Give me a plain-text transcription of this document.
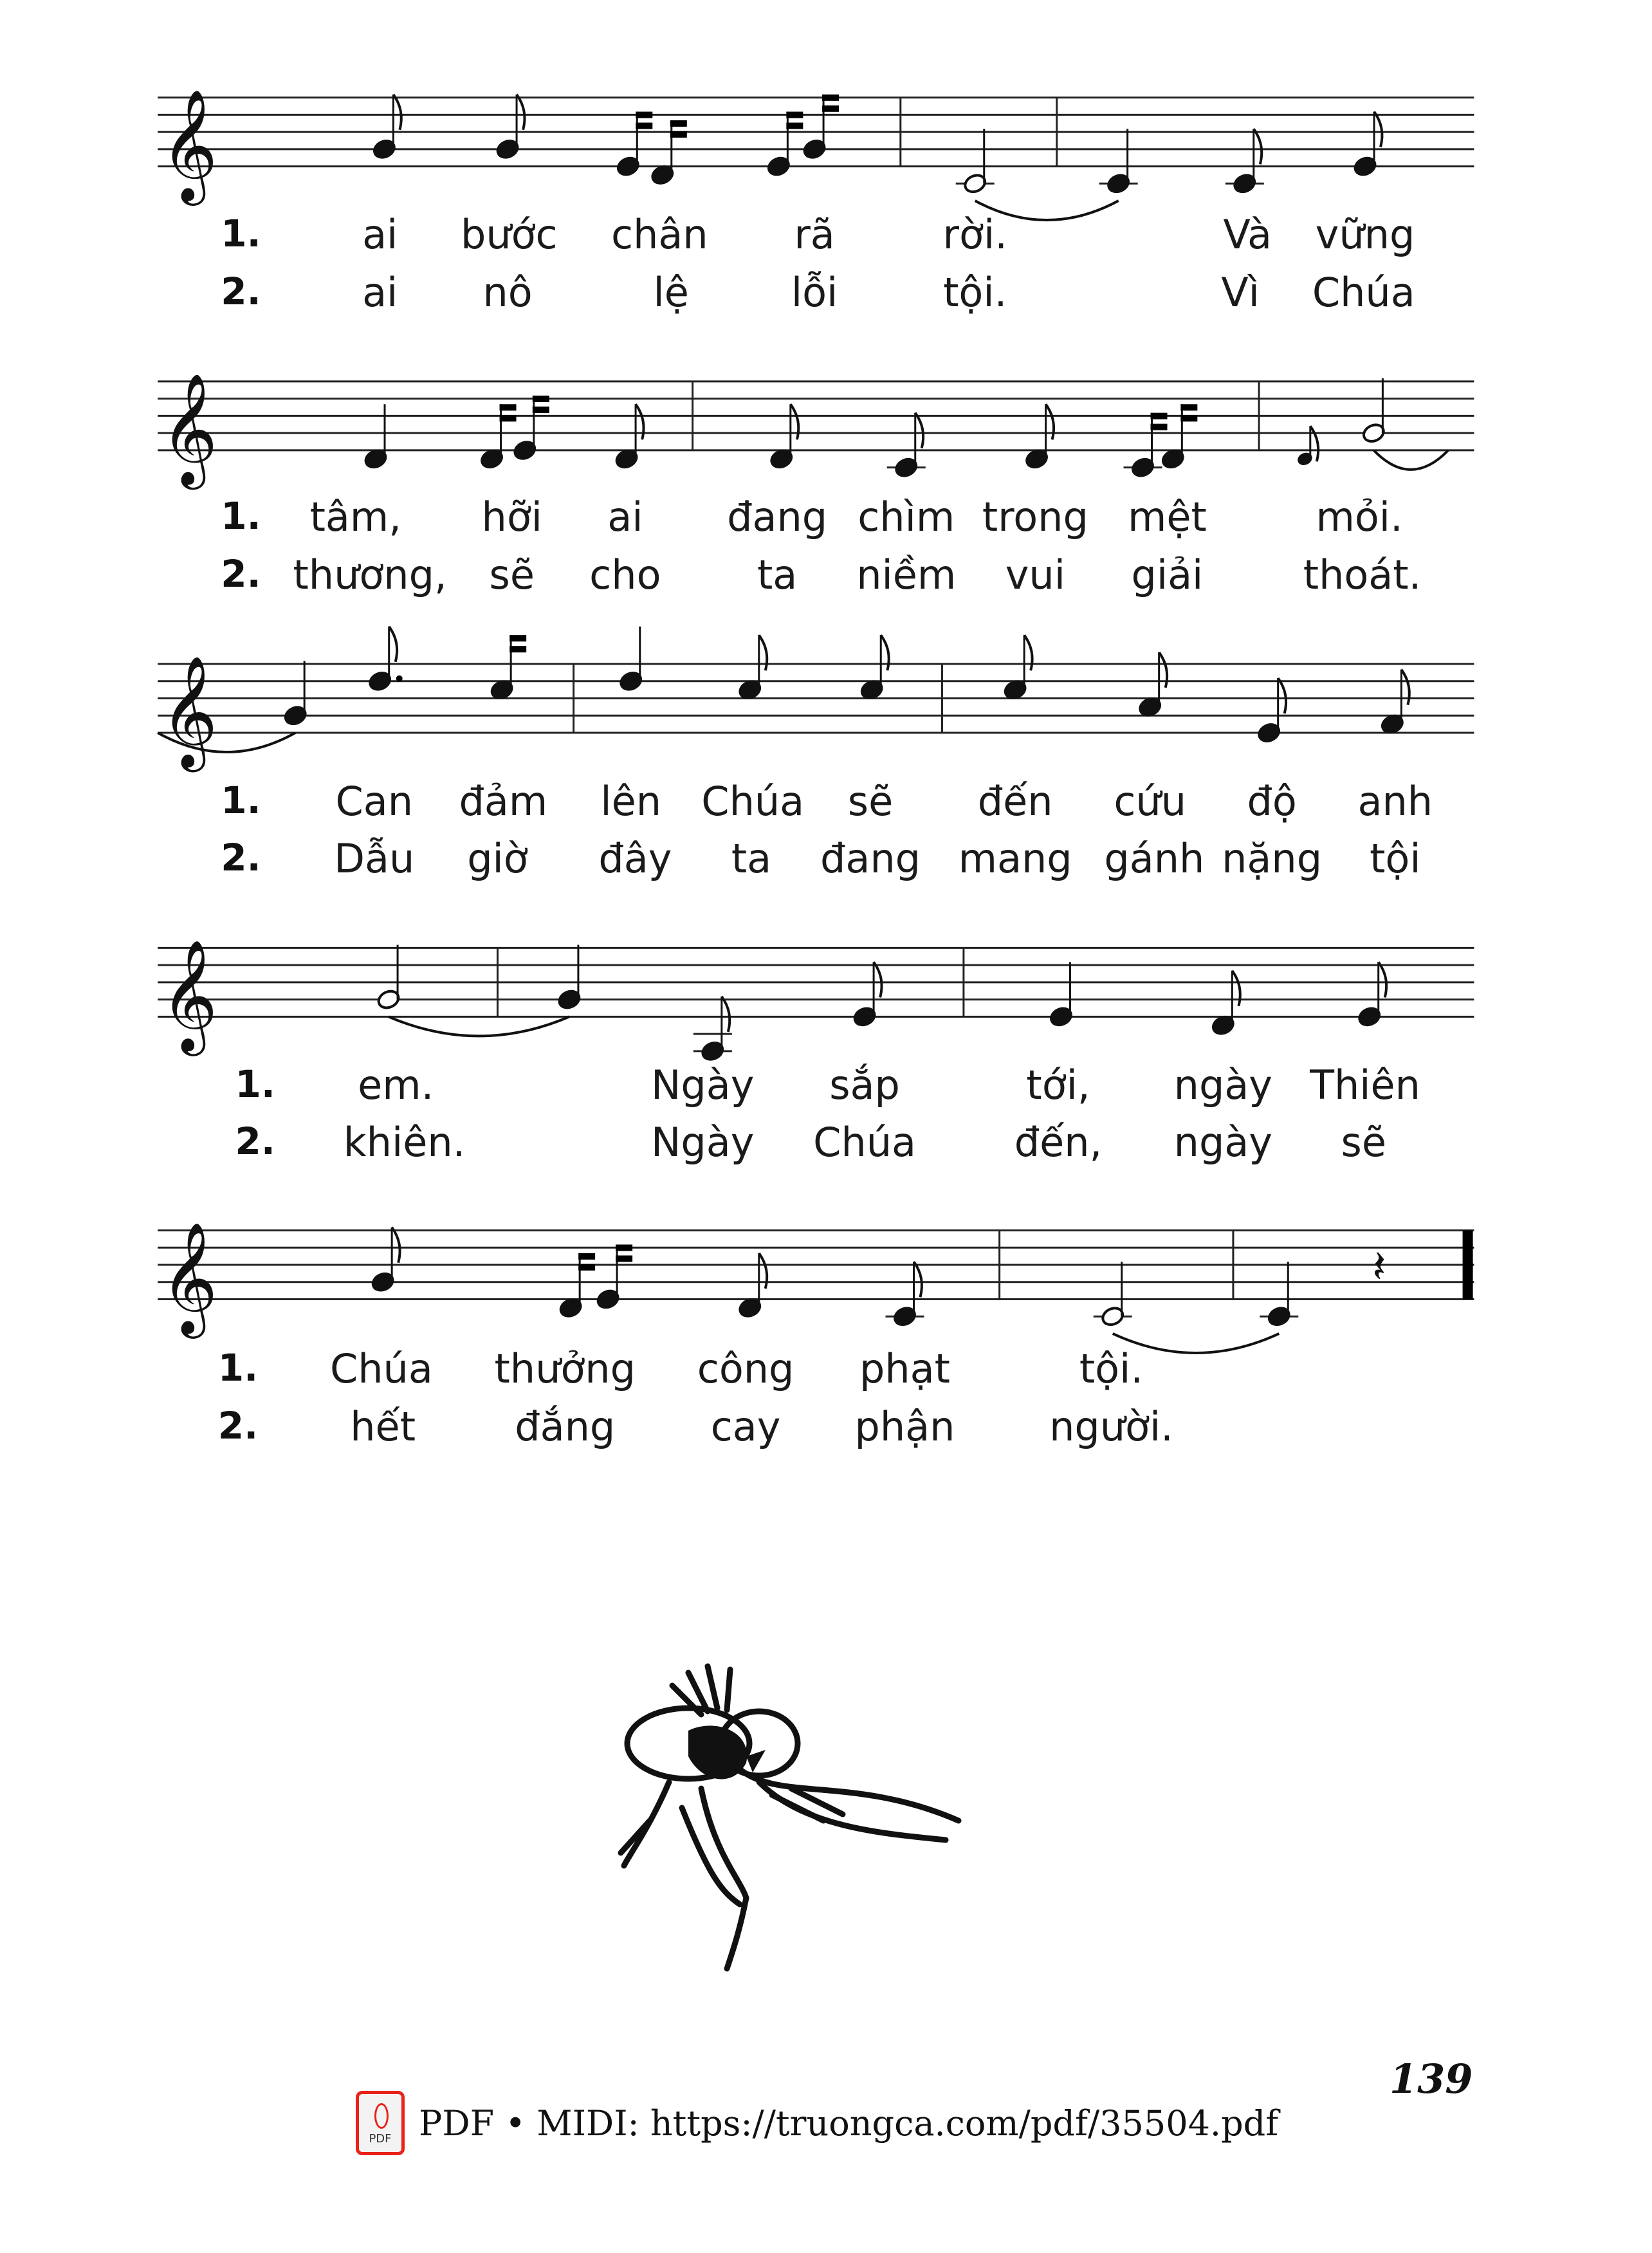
𝄞
𝄞
𝄞
𝄞
𝄞	𝄽
1.	ai bước chân rã	rời.	Và vững
2.	ai nô	lệ	lỗi	tội.	Vì Chúa
1. tâm, hỡi ai đang chìm trong mệt	mỏi.
2. thương, sẽ cho ta niềm vui giải	thoát.
1. Can đảm lên Chúa sẽ đến cứu độ anh
2. Dẫu giờ đây ta đang mang gánh nặng tội
1. em.	Ngày sắp	tới, ngày Thiên
2. khiên.	Ngày Chúa đến, ngày sẽ
1. Chúa thưởng công phạt	tội.
2. hết đắng cay phận người.
139
PDF PDF • MIDI: https://truongca.com/pdf/35504.pdf
